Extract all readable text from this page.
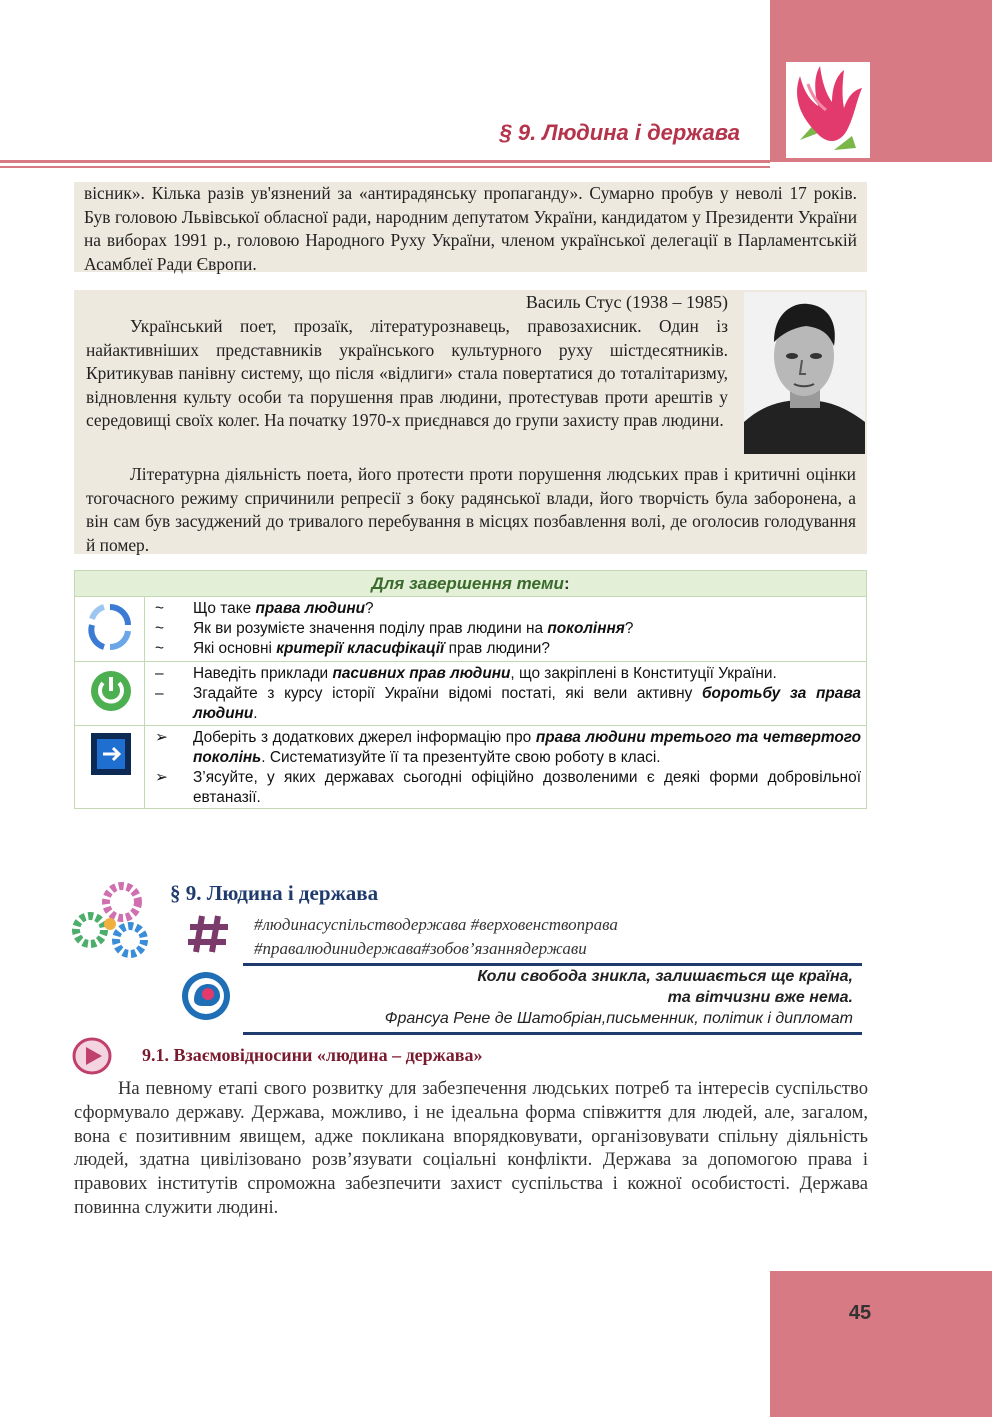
§ 9. Людина і держава
вісник». Кілька разів ув'язнений за «антирадянську пропаганду». Сумарно пробув у неволі 17 років. Був головою Львівської обласної ради, народним депутатом України, кандидатом у Президенти України на виборах 1991 р., головою Народного Руху України, членом української делегації в Парламентській Асамблеї Ради Європи.
Василь Стус (1938 – 1985)
Український поет, прозаїк, літературознавець, правозахисник. Один із найактивніших представників українського культурного руху шістдесятників. Критикував панівну систему, що після «відлиги» стала повертатися до тоталітаризму, відновлення культу особи та порушення прав людини, протестував проти арештів у середовищі своїх колег. На початку 1970-х приєднався до групи захисту прав людини.
Літературна діяльність поета, його протести проти порушення людських прав і критичні оцінки тогочасного режиму спричинили репресії з боку радянської влади, його творчість була заборонена, а він сам був засуджений до тривалого перебування в місцях позбавлення волі, де оголосив голодування й помер.
Для завершення теми:
~	Що таке права людини?
~	Як ви розумієте значення поділу прав людини на покоління?
~	Які основні критерії класифікації прав людини?
–	Наведіть приклади пасивних прав людини, що закріплені в Конституції України.
–	Згадайте з курсу історії України відомі постаті, які вели активну боротьбу за права людини.
➢	Доберіть з додаткових джерел інформацію про права людини третього та четвертого поколінь. Систематизуйте її та презентуйте свою роботу в класі.
➢	З’ясуйте, у яких державах сьогодні офіційно дозволеними є деякі форми добровільної евтаназії.
§ 9. Людина і держава
#людинасуспільстводержава #верховенствоправа
#правалюдинидержава#зобов’язаннядержави
Коли свобода зникла, залишається ще країна,
та вітчизни вже нема.
Франсуа Рене де Шатобріан,письменник, політик і дипломат
9.1. Взаємовідносини «людина – держава»
На певному етапі свого розвитку для забезпечення людських потреб та інтересів суспільство сформувало державу. Держава, можливо, і не ідеальна форма співжиття для людей, але, загалом, вона є позитивним явищем, адже покликана впорядковувати, організовувати спільну діяльність людей, здатна цивілізовано розв’язувати соціальні конфлікти. Держава за допомогою права і правових інститутів спроможна забезпечити захист суспільства і кожної особистості. Держава повинна служити людині.
45
